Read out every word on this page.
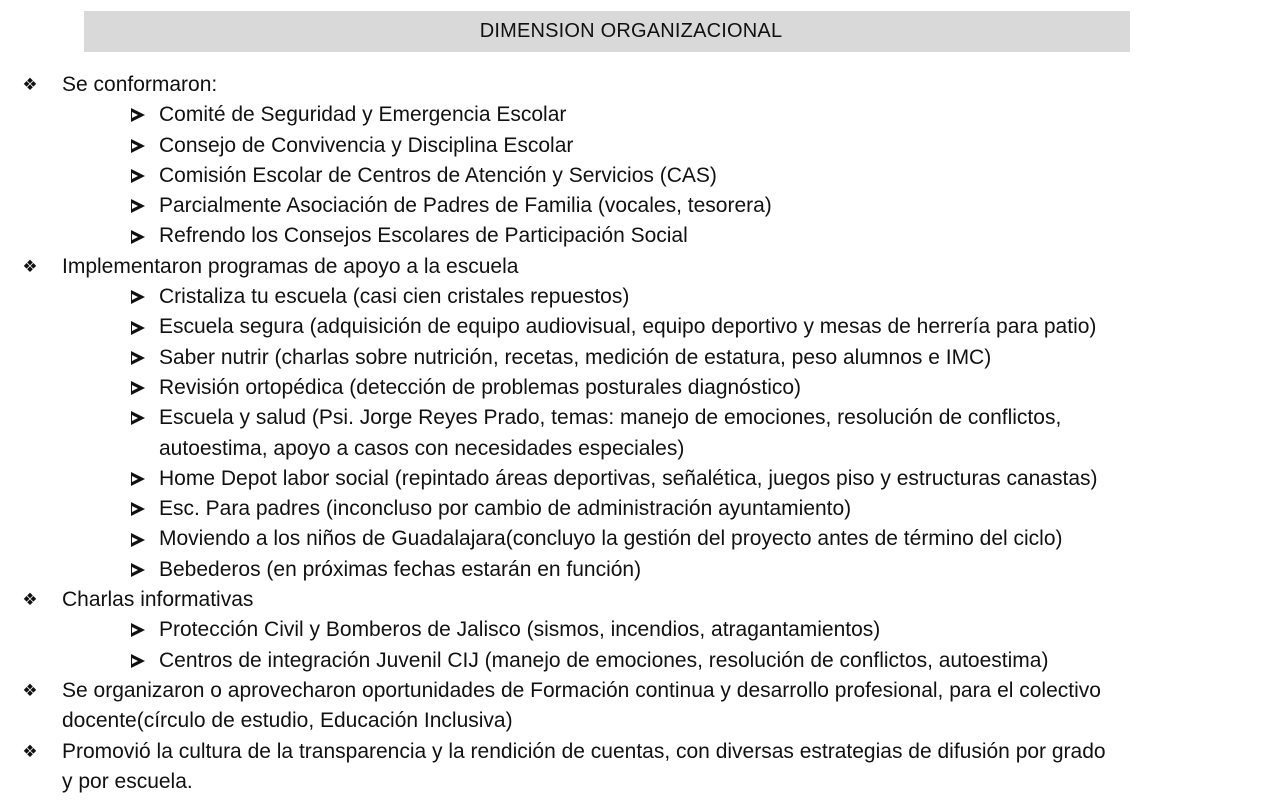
DIMENSION ORGANIZACIONAL
❖ Se conformaron:
Comité de Seguridad y Emergencia Escolar
Consejo de Convivencia y Disciplina Escolar
Comisión Escolar de Centros de Atención y Servicios (CAS)
Parcialmente Asociación de Padres de Familia (vocales, tesorera)
Refrendo los Consejos Escolares de Participación Social
❖ Implementaron programas de apoyo a la escuela
Cristaliza tu escuela (casi cien cristales repuestos)
Escuela segura (adquisición de equipo audiovisual, equipo deportivo y mesas de herrería para patio)
Saber nutrir (charlas sobre nutrición, recetas, medición de estatura, peso alumnos e IMC)
Revisión ortopédica (detección de problemas posturales diagnóstico)
Escuela y salud (Psi. Jorge Reyes Prado, temas: manejo de emociones, resolución de conflictos,
autoestima, apoyo a casos con necesidades especiales)
Home Depot labor social (repintado áreas deportivas, señalética, juegos piso y estructuras canastas)
Esc. Para padres (inconcluso por cambio de administración ayuntamiento)
Moviendo a los niños de Guadalajara(concluyo la gestión del proyecto antes de término del ciclo)
Bebederos (en próximas fechas estarán en función)
❖ Charlas informativas
Protección Civil y Bomberos de Jalisco (sismos, incendios, atragantamientos)
Centros de integración Juvenil CIJ (manejo de emociones, resolución de conflictos, autoestima)
❖ Se organizaron o aprovecharon oportunidades de Formación continua y desarrollo profesional, para el colectivo
docente(círculo de estudio, Educación Inclusiva)
❖ Promovió la cultura de la transparencia y la rendición de cuentas, con diversas estrategias de difusión por grado
y por escuela.
